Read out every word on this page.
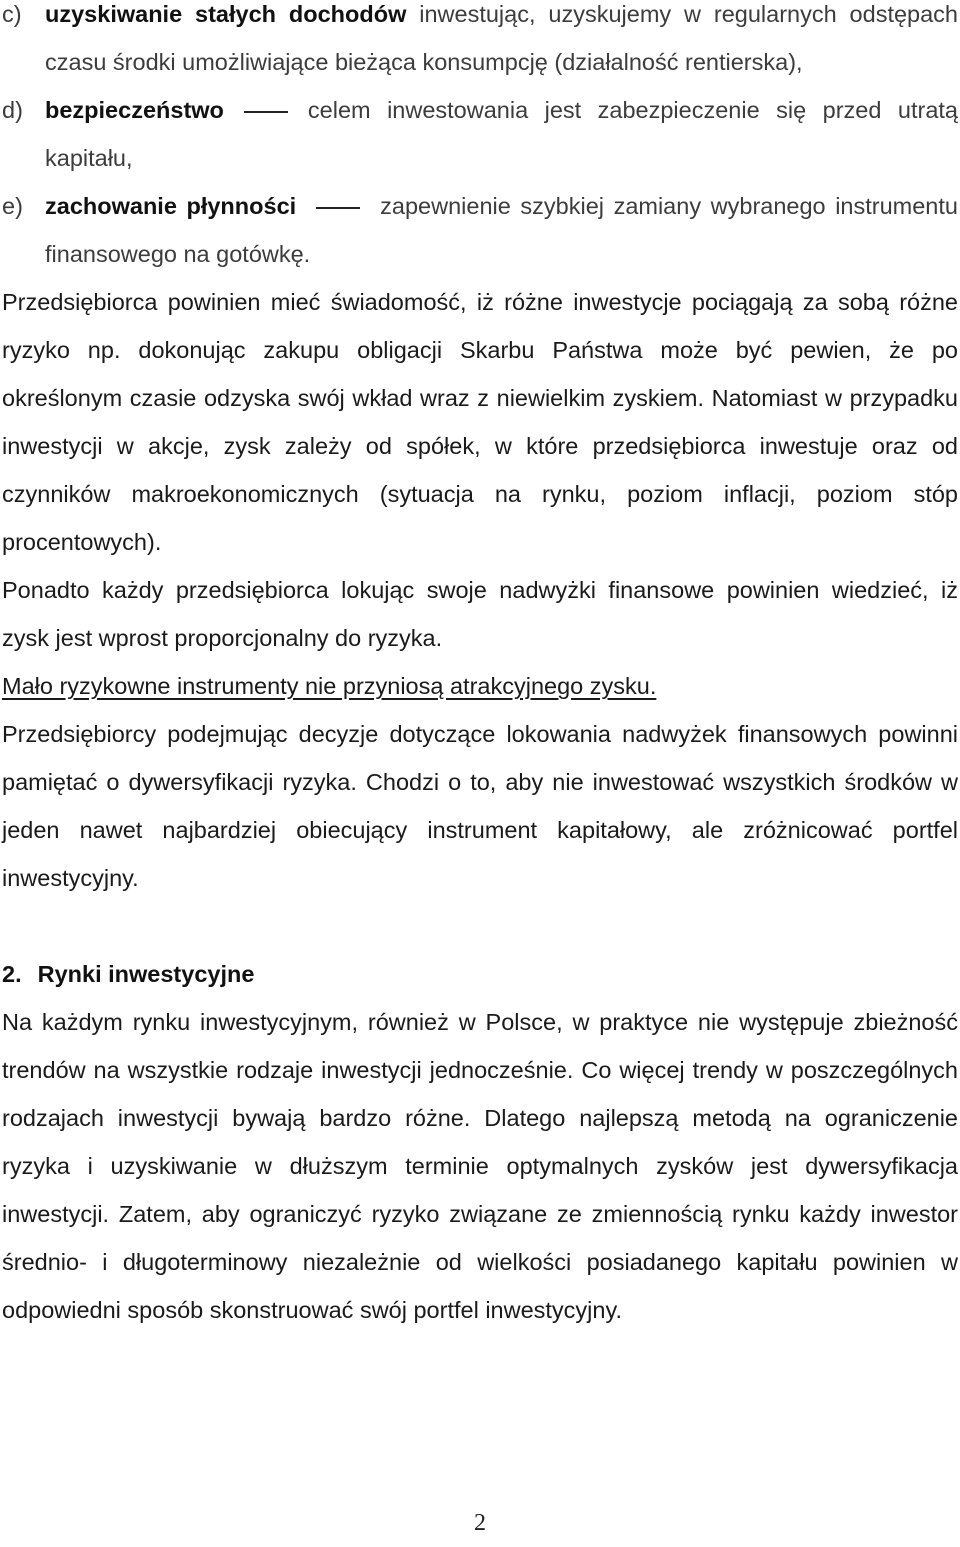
c) uzyskiwanie stałych dochodów inwestując, uzyskujemy w regularnych odstępach czasu środki umożliwiające bieżąca konsumpcję (działalność rentierska),
d) bezpieczeństwo	celem inwestowania jest zabezpieczenie się przed utratą kapitału,
e) zachowanie płynności	zapewnienie szybkiej zamiany wybranego instrumentu finansowego na gotówkę.

Przedsiębiorca powinien mieć świadomość, iż różne inwestycje pociągają za sobą różne ryzyko np. dokonując zakupu obligacji Skarbu Państwa może być pewien, że po określonym czasie odzyska swój wkład wraz z niewielkim zyskiem. Natomiast w przypadku inwestycji w akcje, zysk zależy od spółek, w które przedsiębiorca inwestuje oraz od czynników makroekonomicznych (sytuacja na rynku, poziom inflacji, poziom stóp procentowych).

Ponadto każdy przedsiębiorca lokując swoje nadwyżki finansowe powinien wiedzieć, iż zysk jest wprost proporcjonalny do ryzyka.

Mało ryzykowne instrumenty nie przyniosą atrakcyjnego zysku.

Przedsiębiorcy podejmując decyzje dotyczące lokowania nadwyżek finansowych powinni pamiętać o dywersyfikacji ryzyka. Chodzi o to, aby nie inwestować wszystkich środków w jeden nawet najbardziej obiecujący instrument kapitałowy, ale zróżnicować portfel inwestycyjny.

2. Rynki inwestycyjne

Na każdym rynku inwestycyjnym, również w Polsce, w praktyce nie występuje zbieżność trendów na wszystkie rodzaje inwestycji jednocześnie. Co więcej trendy w poszczególnych rodzajach inwestycji bywają bardzo różne. Dlatego najlepszą metodą na ograniczenie ryzyka i uzyskiwanie w dłuższym terminie optymalnych zysków jest dywersyfikacja inwestycji. Zatem, aby ograniczyć ryzyko związane ze zmiennością rynku każdy inwestor średnio- i długoterminowy niezależnie od wielkości posiadanego kapitału powinien w odpowiedni sposób skonstruować swój portfel inwestycyjny.

2
